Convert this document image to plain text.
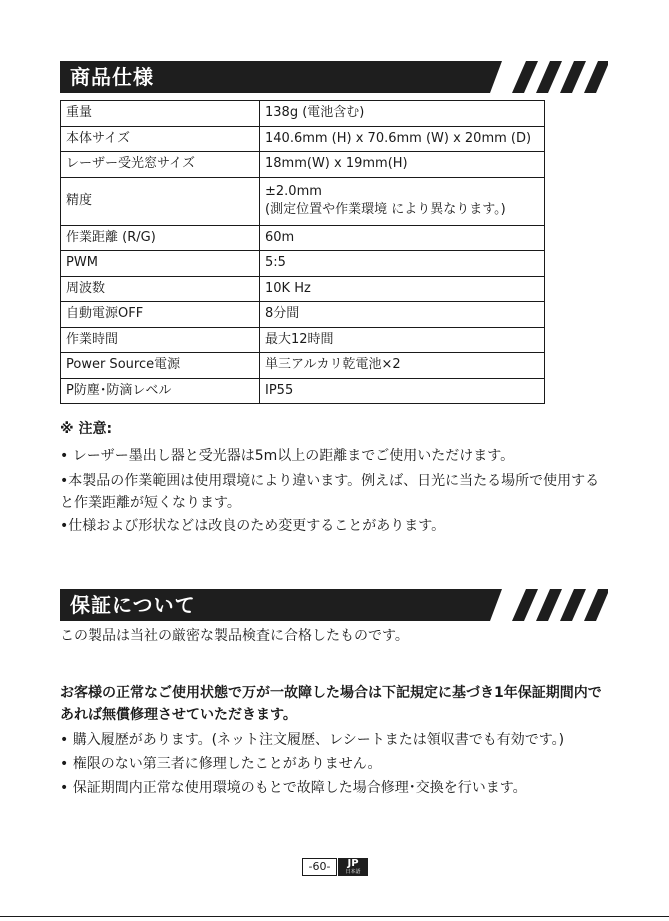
商品仕様
重量	138g (電池含む)
本体サイズ	140.6mm (H) x 70.6mm (W) x 20mm (D)
レーザー受光窓サイズ	18mm(W) x 19mm(H)
精度	±2.0mm
(測定位置や作業環境 により異なります。)

作業距離 (R/G)	60m
PWM	5:5
周波数	10K Hz
自動電源OFF	8分間
作業時間	最大12時間
Power Source電源	単三アルカリ乾電池×2
P防塵･防滴レベル	IP55
※ 注意:
• レーザー墨出し器と受光器は5m以上の距離までご使用いただけます。
•本製品の作業範囲は使用環境により違います。例えば、日光に当たる場所で使用すると作業距離が短くなります。
•仕様および形状などは改良のため変更することがあります。
保証について
この製品は当社の厳密な製品検査に合格したものです。
お客様の正常なご使用状態で万が一故障した場合は下記規定に基づき1年保証期間内であれば無償修理させていただきます。
• 購入履歴があります。(ネット注文履歴、レシートまたは領収書でも有効です。)
• 権限のない第三者に修理したことがありません。
• 保証期間内正常な使用環境のもとで故障した場合修理･交換を行います。
-60-	JP
日本語
